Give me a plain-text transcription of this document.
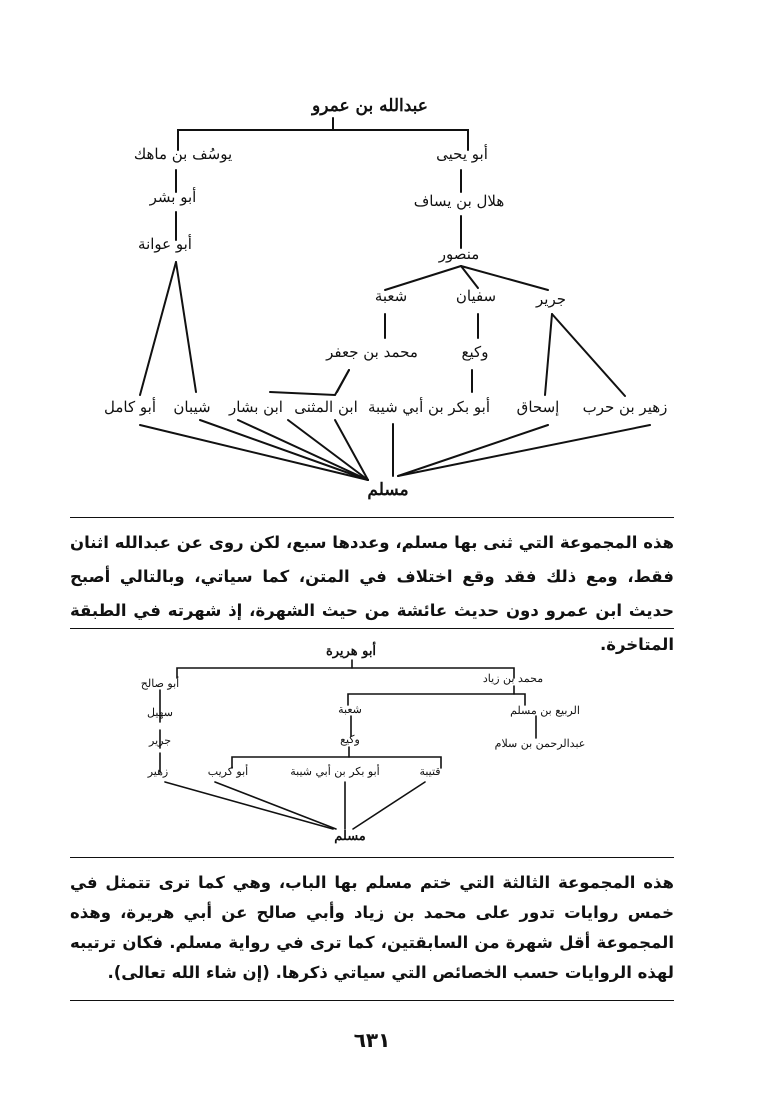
عبدالله بن عمرو
يوسُف بن ماهك	أبو يحيى
أبو بشر	هلال بن يساف
أبو عوانة
منصور
شعبة	سفيان	جرير
محمد بن جعفر	وكيع
أبو كامل شيبان ابن بشار ابن المثنى أبو بكر بن أبي شيبة إسحاق زهير بن حرب
مسلم
هذه المجموعة التي ثنى بها مسلم، وعددها سبع، لكن روى عن عبدالله اثنان فقط، ومع ذلك فقد وقع اختلاف في المتن، كما سياتي، وبالتالي أصبح حديث ابن عمرو دون حديث عائشة من حيث الشهرة، إذ شهرته في الطبقة المتاخرة.
أبو هريرة
أبو صالح	محمد بن زياد
سهيل	شعبة	الربيع بن مسلم
جرير	وكيع	عبدالرحمن بن سلام
زهير	أبو كريب	أبو بكر بن أبي شيبة	قتيبة
مسلم
هذه المجموعة الثالثة التي ختم مسلم بها الباب، وهي كما ترى تتمثل في خمس روايات تدور على محمد بن زياد وأبي صالح عن أبي هريرة، وهذه المجموعة أقل شهرة من السابقتين، كما ترى في رواية مسلم. فكان ترتيبه لهذه الروايات حسب الخصائص التي سياتي ذكرها. (إن شاء الله تعالى).
٦٣١
